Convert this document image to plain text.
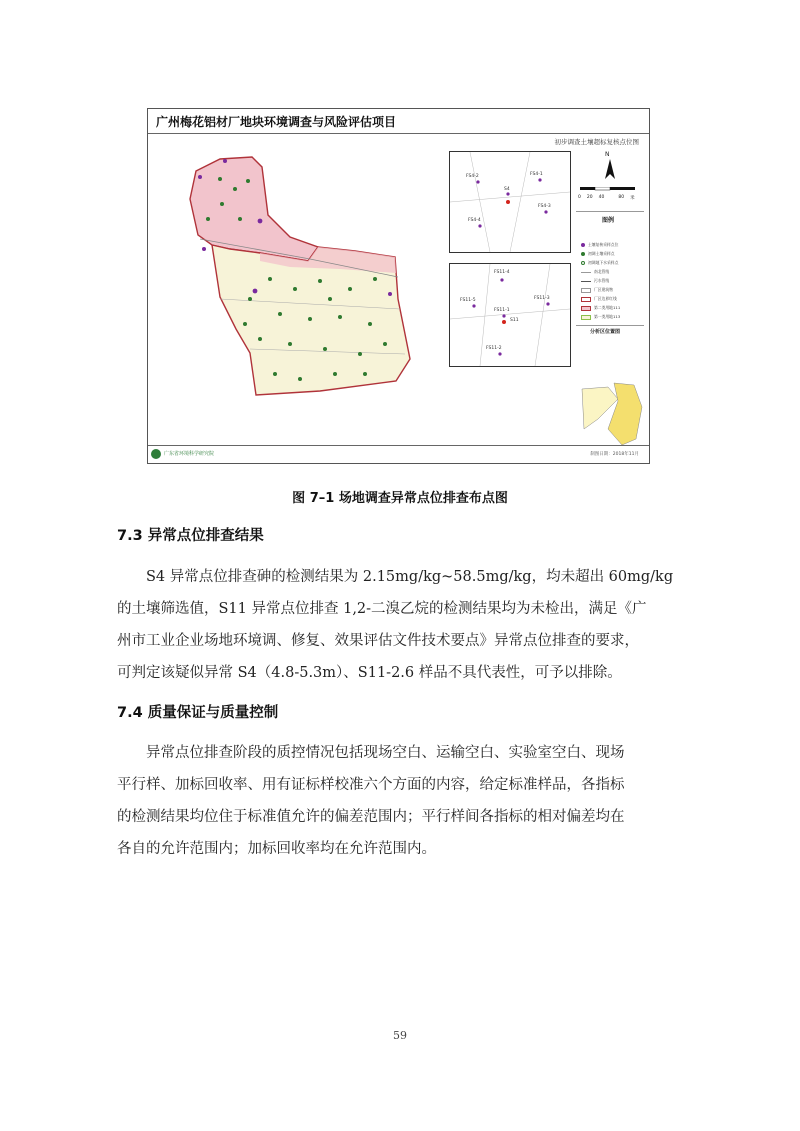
广州梅花铝材厂地块环境调查与风险评估项目
初步调查土壤超标复核点位图
FS4-2	FS4-1
S4
FS4-3
FS4-4
FS11-4
FS11-3
FS11-1
S11
FS11-5
FS11-2
N
0 20 40	80 米
图例
土壤复核采样点位
初调土壤采样点
初调地下水采样点
南北管线
污水管线
厂区建筑物
厂区边界红线
第二类用地111
第一类用地113
分析区位置图
广东省环境科学研究院	制图日期：2018年11月
图 7–1 场地调查异常点位排查布点图
7.3 异常点位排查结果
S4 异常点位排查砷的检测结果为 2.15mg/kg~58.5mg/kg，均未超出 60mg/kg
的土壤筛选值，S11 异常点位排查 1,2-二溴乙烷的检测结果均为未检出，满足《广
州市工业企业场地环境调、修复、效果评估文件技术要点》异常点位排查的要求，
可判定该疑似异常 S4（4.8-5.3m）、S11-2.6 样品不具代表性，可予以排除。
7.4 质量保证与质量控制
异常点位排查阶段的质控情况包括现场空白、运输空白、实验室空白、现场
平行样、加标回收率、用有证标样校准六个方面的内容，给定标准样品，各指标
的检测结果均位住于标准值允许的偏差范围内；平行样间各指标的相对偏差均在
各自的允许范围内；加标回收率均在允许范围内。
59
